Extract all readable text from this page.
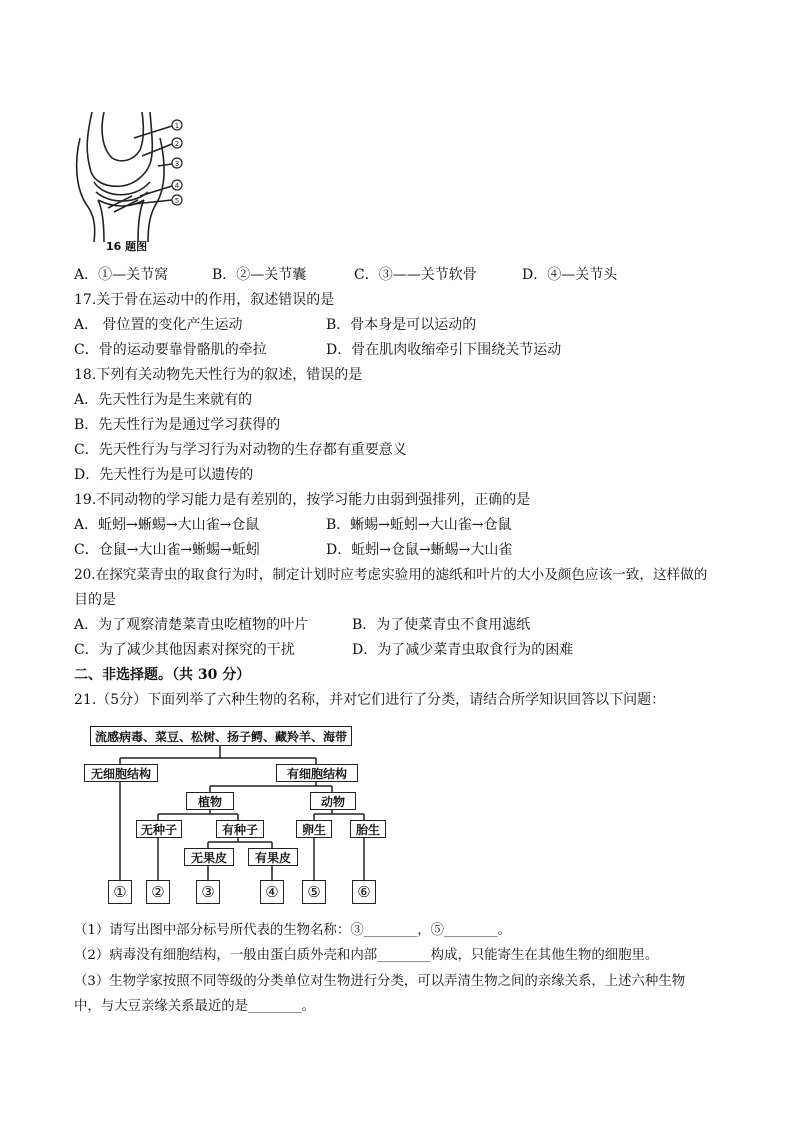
1
2
3
4
5
16 题图
A．①—关节窝	B．②—关节囊	C．③——关节软骨	D．④—关节头
17.关于骨在运动中的作用，叙述错误的是
A． 骨位置的变化产生运动	B．骨本身是可以运动的
C．骨的运动要靠骨骼肌的牵拉	D．骨在肌肉收缩牵引下围绕关节运动
18.下列有关动物先天性行为的叙述，错误的是
A．先天性行为是生来就有的
B．先天性行为是通过学习获得的
C．先天性行为与学习行为对动物的生存都有重要意义
D．先天性行为是可以遗传的
19.不同动物的学习能力是有差别的，按学习能力由弱到强排列，正确的是
A．蚯蚓→蜥蜴→大山雀→仓鼠	B．蜥蜴→蚯蚓→大山雀→仓鼠
C．仓鼠→大山雀→蜥蜴→蚯蚓	D．蚯蚓→仓鼠→蜥蜴→大山雀
20.在探究菜青虫的取食行为时，制定计划时应考虑实验用的滤纸和叶片的大小及颜色应该一致，这样做的
目的是
A．为了观察清楚菜青虫吃植物的叶片	B．为了使菜青虫不食用滤纸
C．为了减少其他因素对探究的干扰	D．为了减少菜青虫取食行为的困难
二、非选择题。（共 30 分）
21.（5分）下面列举了六种生物的名称，并对它们进行了分类，请结合所学知识回答以下问题：
流感病毒、菜豆、松树、扬子鳄、藏羚羊、海带
无细胞结构	有细胞结构
植物	动物
无种子	有种子	卵生 胎生
无果皮 有果皮
① ② ③	④ ⑤ ⑥
（1）请写出图中部分标号所代表的生物名称：③________，⑤________。
（2）病毒没有细胞结构，一般由蛋白质外壳和内部________构成，只能寄生在其他生物的细胞里。
（3）生物学家按照不同等级的分类单位对生物进行分类，可以弄清生物之间的亲缘关系，上述六种生物
中，与大豆亲缘关系最近的是________。
